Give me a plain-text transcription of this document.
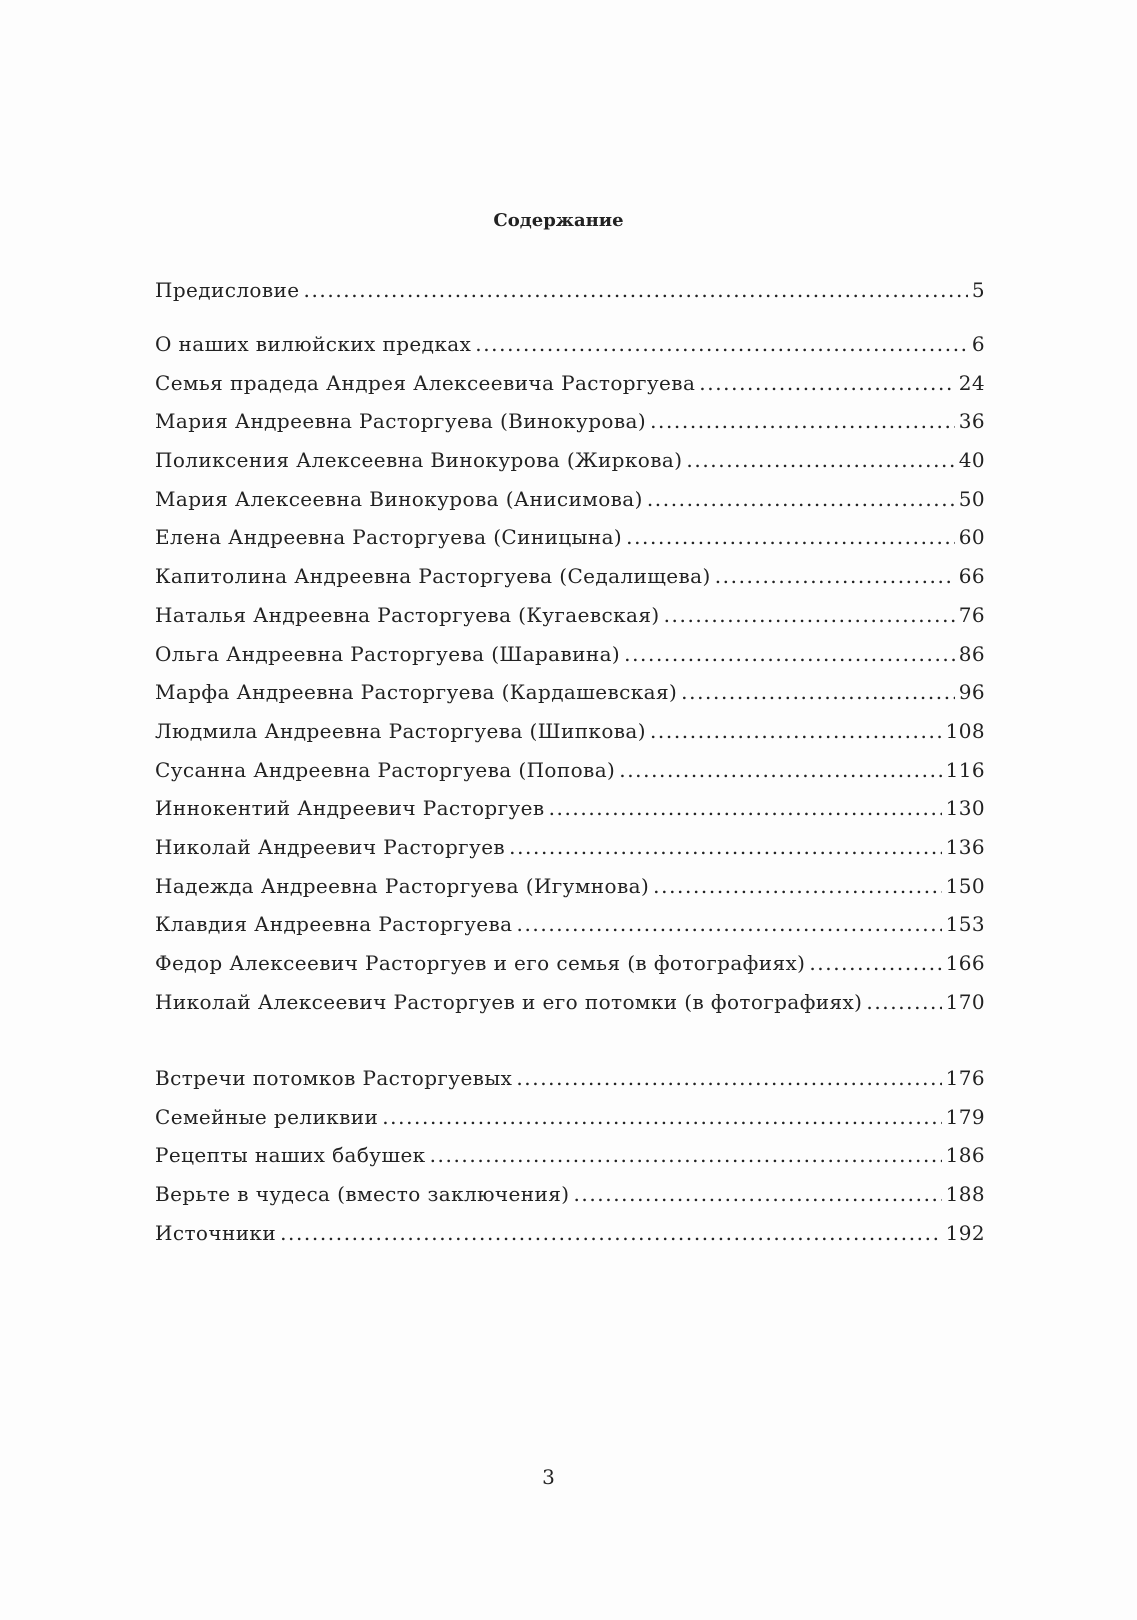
Содержание
Предисловие .....	5
О наших вилюйских предках .....	6
Семья прадеда Андрея Алексеевича Расторгуева .....	24
Мария Андреевна Расторгуева (Винокурова) .....	36
Поликсения Алексеевна Винокурова (Жиркова) .....	40
Мария Алексеевна Винокурова (Анисимова) .....	50
Елена Андреевна Расторгуева (Синицына) .....	60
Капитолина Андреевна Расторгуева (Седалищева) .....	66
Наталья Андреевна Расторгуева (Кугаевская) .....	76
Ольга Андреевна Расторгуева (Шаравина) .....	86
Марфа Андреевна Расторгуева (Кардашевская) .....	96
Людмила Андреевна Расторгуева (Шипкова) .....	108
Сусанна Андреевна Расторгуева (Попова) .....	116
Иннокентий Андреевич Расторгуев .....	130
Николай Андреевич Расторгуев .....	136
Надежда Андреевна Расторгуева (Игумнова) .....	150
Клавдия Андреевна Расторгуева .....	153
Федор Алексеевич Расторгуев и его семья (в фотографиях) .....	166
Николай Алексеевич Расторгуев и его потомки (в фотографиях) .....	170
Встречи потомков Расторгуевых .....	176
Семейные реликвии .....	179
Рецепты наших бабушек .....	186
Верьте в чудеса (вместо заключения) .....	188
Источники .....	192
3
